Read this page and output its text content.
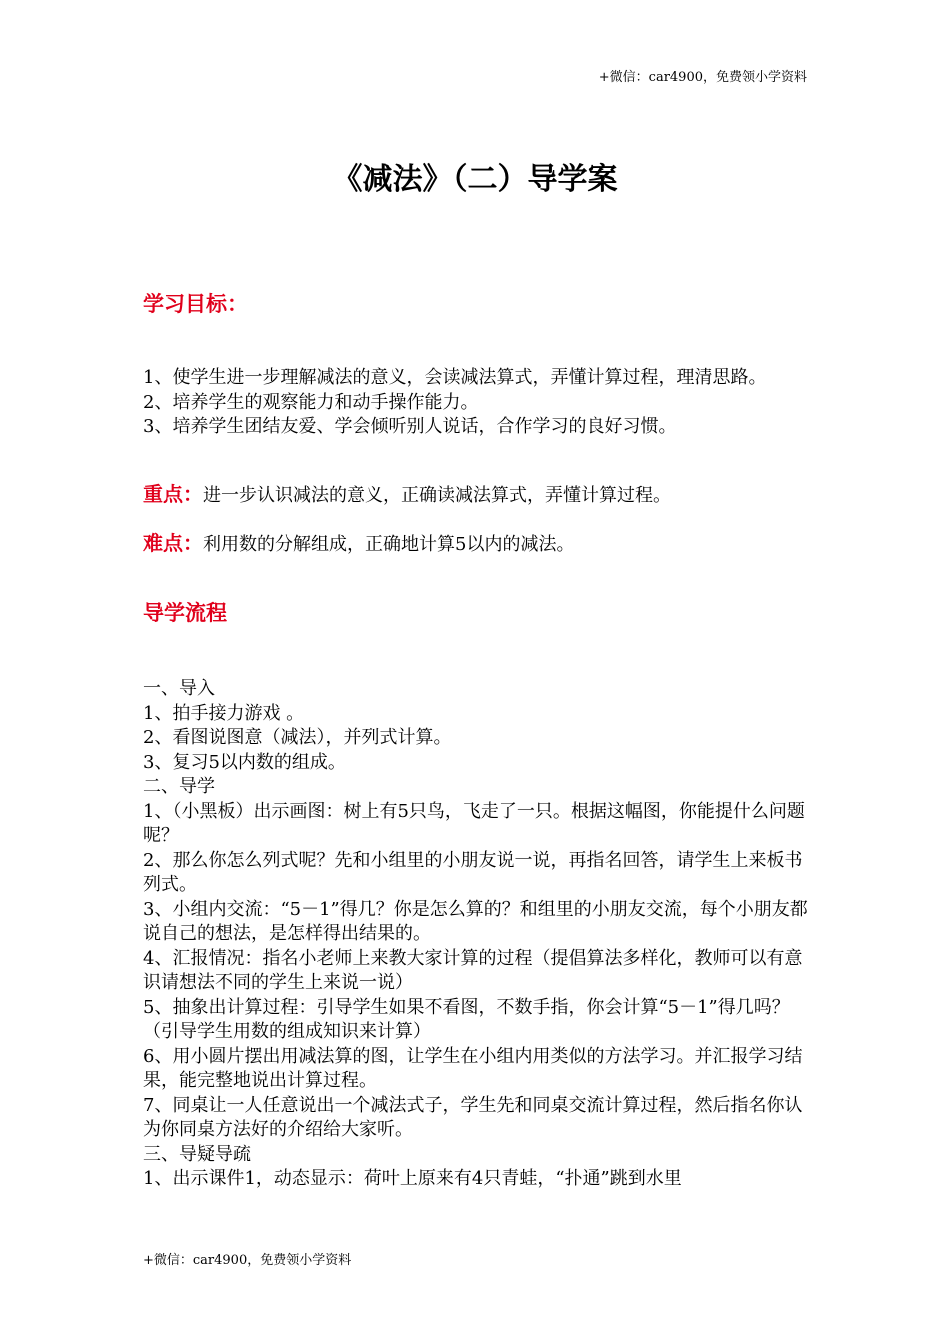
+微信：car4900，免费领小学资料
《减法》（二）导学案
学习目标：

1、使学生进一步理解减法的意义，会读减法算式，弄懂计算过程，理清思路。

2、培养学生的观察能力和动手操作能力。

3、培养学生团结友爱、学会倾听别人说话，合作学习的良好习惯。

重点：进一步认识减法的意义，正确读减法算式，弄懂计算过程。
难点：利用数的分解组成，正确地计算5以内的减法。
导学流程

一、导入

1、拍手接力游戏 。

2、看图说图意（减法），并列式计算。

3、复习5以内数的组成。

二、导学

1、（小黑板）出示画图：树上有5只鸟，飞走了一只。根据这幅图，你能提什么问题呢？

2、那么你怎么列式呢？先和小组里的小朋友说一说，再指名回答，请学生上来板书列式。

3、小组内交流：“5－1”得几？你是怎么算的？和组里的小朋友交流，每个小朋友都说自己的想法，是怎样得出结果的。

4、汇报情况：指名小老师上来教大家计算的过程（提倡算法多样化，教师可以有意识请想法不同的学生上来说一说）

5、抽象出计算过程：引导学生如果不看图，不数手指，你会计算“5－1”得几吗？（引导学生用数的组成知识来计算）

6、用小圆片摆出用减法算的图，让学生在小组内用类似的方法学习。并汇报学习结果，能完整地说出计算过程。

7、同桌让一人任意说出一个减法式子，学生先和同桌交流计算过程，然后指名你认为你同桌方法好的介绍给大家听。

三、导疑导疏

1、出示课件1，动态显示：荷叶上原来有4只青蛙，“扑通”跳到水里

+微信：car4900，免费领小学资料
